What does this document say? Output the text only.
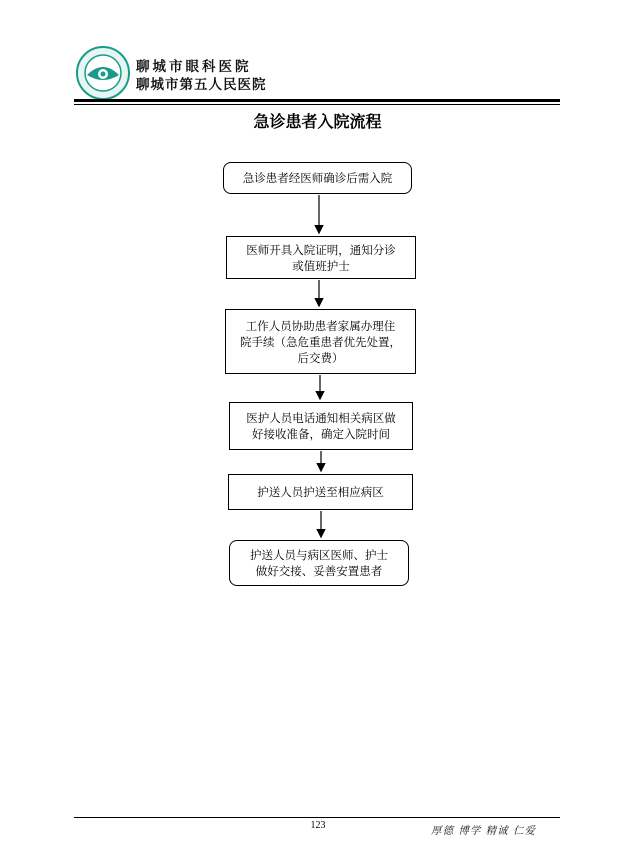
聊城市眼科医院
聊城市第五人民医院
急诊患者入院流程
急诊患者经医师确诊后需入院
医师开具入院证明，通知分诊
或值班护士
工作人员协助患者家属办理住
院手续（急危重患者优先处置，
后交费）
医护人员电话通知相关病区做
好接收准备，确定入院时间
护送人员护送至相应病区
护送人员与病区医师、护士
做好交接、妥善安置患者
123	厚德 博学 精诚 仁爱
